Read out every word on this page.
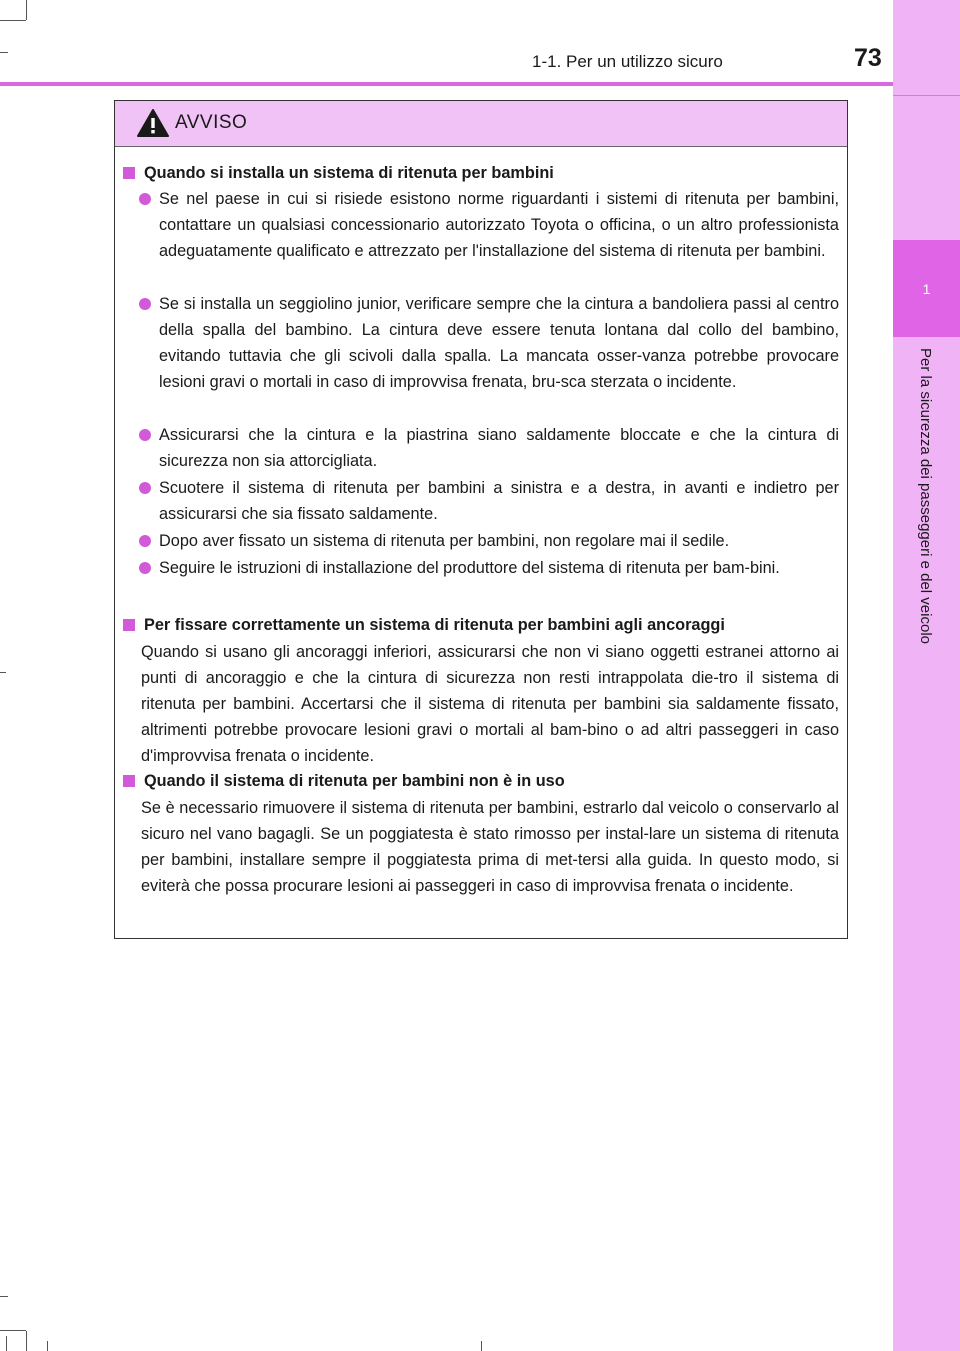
1
Per la sicurezza dei passeggeri e del veicolo
1-1. Per un utilizzo sicuro	73
AVVISO
Quando si installa un sistema di ritenuta per bambini
Se nel paese in cui si risiede esistono norme riguardanti i sistemi di ritenuta per bambini, contattare un qualsiasi concessionario autorizzato Toyota o officina, o un altro professionista adeguatamente qualificato e attrezzato per l'installazione del sistema di ritenuta per bambini.
Se si installa un seggiolino junior, verificare sempre che la cintura a bandoliera passi al centro della spalla del bambino. La cintura deve essere tenuta lontana dal collo del bambino, evitando tuttavia che gli scivoli dalla spalla. La mancata osser-vanza potrebbe provocare lesioni gravi o mortali in caso di improvvisa frenata, bru-sca sterzata o incidente.
Assicurarsi che la cintura e la piastrina siano saldamente bloccate e che la cintura di sicurezza non sia attorcigliata.
Scuotere il sistema di ritenuta per bambini a sinistra e a destra, in avanti e indietro per assicurarsi che sia fissato saldamente.
Dopo aver fissato un sistema di ritenuta per bambini, non regolare mai il sedile.
Seguire le istruzioni di installazione del produttore del sistema di ritenuta per bam-bini.
Per fissare correttamente un sistema di ritenuta per bambini agli ancoraggi
Quando si usano gli ancoraggi inferiori, assicurarsi che non vi siano oggetti estranei attorno ai punti di ancoraggio e che la cintura di sicurezza non resti intrappolata die-tro il sistema di ritenuta per bambini. Accertarsi che il sistema di ritenuta per bambini sia saldamente fissato, altrimenti potrebbe provocare lesioni gravi o mortali al bam-bino o ad altri passeggeri in caso d'improvvisa frenata o incidente.
Quando il sistema di ritenuta per bambini non è in uso
Se è necessario rimuovere il sistema di ritenuta per bambini, estrarlo dal veicolo o conservarlo al sicuro nel vano bagagli. Se un poggiatesta è stato rimosso per instal-lare un sistema di ritenuta per bambini, installare sempre il poggiatesta prima di met-tersi alla guida. In questo modo, si eviterà che possa procurare lesioni ai passeggeri in caso di improvvisa frenata o incidente.
